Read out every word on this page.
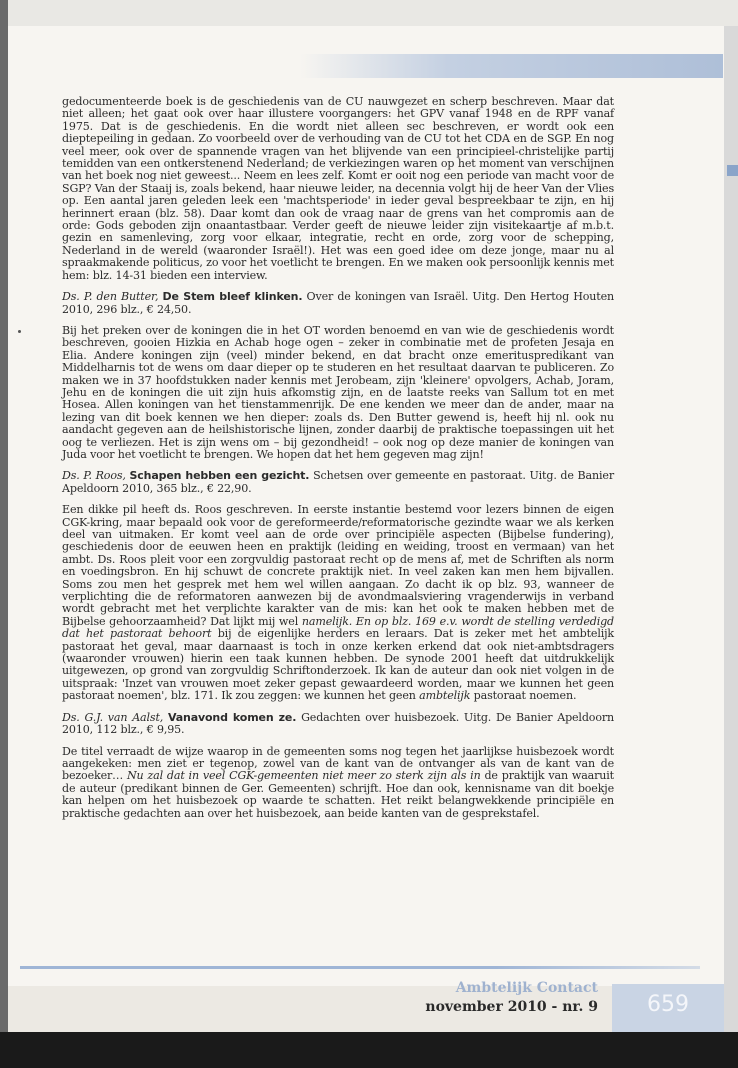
gedocumenteerde boek is de geschiedenis van de CU nauwgezet en scherp beschreven. Maar dat niet alleen; het gaat ook over haar illustere voorgangers: het GPV vanaf 1948 en de RPF vanaf 1975. Dat is de geschiedenis. En die wordt niet alleen sec beschreven, er wordt ook een dieptepeiling in gedaan. Zo voorbeeld over de verhouding van de CU tot het CDA en de SGP. En nog veel meer, ook over de spannende vragen van het blijvende van een principieel-christelijke partij temidden van een ontkerstenend Nederland; de verkiezingen waren op het moment van verschijnen van het boek nog niet geweest... Neem en lees zelf. Komt er ooit nog een periode van macht voor de SGP? Van der Staaij is, zoals bekend, haar nieuwe leider, na decennia volgt hij de heer Van der Vlies op. Een aantal jaren geleden leek een 'machtsperiode' in ieder geval bespreekbaar te zijn, en hij herinnert eraan (blz. 58). Daar komt dan ook de vraag naar de grens van het compromis aan de orde: Gods geboden zijn onaantastbaar. Verder geeft de nieuwe leider zijn visitekaartje af m.b.t. gezin en samenleving, zorg voor elkaar, integratie, recht en orde, zorg voor de schepping, Nederland in de wereld (waaronder Israël!). Het was een goed idee om deze jonge, maar nu al spraakmakende politicus, zo voor het voetlicht te brengen. En we maken ook persoonlijk kennis met hem: blz. 14-31 bieden een interview.

Ds. P. den Butter, De Stem bleef klinken. Over de koningen van Israël. Uitg. Den Hertog Houten 2010, 296 blz., € 24,50.

Bij het preken over de koningen die in het OT worden benoemd en van wie de geschiedenis wordt beschreven, gooien Hizkia en Achab hoge ogen – zeker in combinatie met de profeten Jesaja en Elia. Andere koningen zijn (veel) minder bekend, en dat bracht onze emerituspredikant van Middelharnis tot de wens om daar dieper op te studeren en het resultaat daarvan te publiceren. Zo maken we in 37 hoofdstukken nader kennis met Jerobeam, zijn 'kleinere' opvolgers, Achab, Joram, Jehu en de koningen die uit zijn huis afkomstig zijn, en de laatste reeks van Sallum tot en met Hosea. Allen koningen van het tienstammenrijk. De ene kenden we meer dan de ander, maar na lezing van dit boek kennen we hen dieper: zoals ds. Den Butter gewend is, heeft hij nl. ook nu aandacht gegeven aan de heilshistorische lijnen, zonder daarbij de praktische toepassingen uit het oog te verliezen. Het is zijn wens om – bij gezondheid! – ook nog op deze manier de koningen van Juda voor het voetlicht te brengen. We hopen dat het hem gegeven mag zijn!

Ds. P. Roos, Schapen hebben een gezicht. Schetsen over gemeente en pastoraat. Uitg. de Banier Apeldoorn 2010, 365 blz., € 22,90.

Een dikke pil heeft ds. Roos geschreven. In eerste instantie bestemd voor lezers binnen de eigen CGK-kring, maar bepaald ook voor de gereformeerde/reformatorische gezindte waar we als kerken deel van uitmaken. Er komt veel aan de orde over principiële aspecten (Bijbelse fundering), geschiedenis door de eeuwen heen en praktijk (leiding en weiding, troost en vermaan) van het ambt. Ds. Roos pleit voor een zorgvuldig pastoraat recht op de mens af, met de Schriften als norm en voedingsbron. En hij schuwt de concrete praktijk niet. In veel zaken kan men hem bijvallen. Soms zou men het gesprek met hem wel willen aangaan. Zo dacht ik op blz. 93, wanneer de verplichting die de reformatoren aanwezen bij de avondmaalsviering vragenderwijs in verband wordt gebracht met het verplichte karakter van de mis: kan het ook te maken hebben met de Bijbelse gehoorzaamheid? Dat lijkt mij wel namelijk. En op blz. 169 e.v. wordt de stelling verdedigd dat het pastoraat behoort bij de eigenlijke herders en leraars. Dat is zeker met het ambtelijk pastoraat het geval, maar daarnaast is toch in onze kerken erkend dat ook niet-ambtsdragers (waaronder vrouwen) hierin een taak kunnen hebben. De synode 2001 heeft dat uitdrukkelijk uitgewezen, op grond van zorgvuldig Schriftonderzoek. Ik kan de auteur dan ook niet volgen in de uitspraak: 'Inzet van vrouwen moet zeker gepast gewaardeerd worden, maar we kunnen het geen pastoraat noemen', blz. 171. Ik zou zeggen: we kunnen het geen ambtelijk pastoraat noemen.

Ds. G.J. van Aalst, Vanavond komen ze. Gedachten over huisbezoek. Uitg. De Banier Apeldoorn 2010, 112 blz., € 9,95.

De titel verraadt de wijze waarop in de gemeenten soms nog tegen het jaarlijkse huisbezoek wordt aangekeken: men ziet er tegenop, zowel van de kant van de ontvanger als van de kant van de bezoeker… Nu zal dat in veel CGK-gemeenten niet meer zo sterk zijn als in de praktijk van waaruit de auteur (predikant binnen de Ger. Gemeenten) schrijft. Hoe dan ook, kennisname van dit boekje kan helpen om het huisbezoek op waarde te schatten. Het reikt belangwekkende principiële en praktische gedachten aan over het huisbezoek, aan beide kanten van de gesprekstafel.

Ambtelijk Contact
november 2010 - nr. 9	659
